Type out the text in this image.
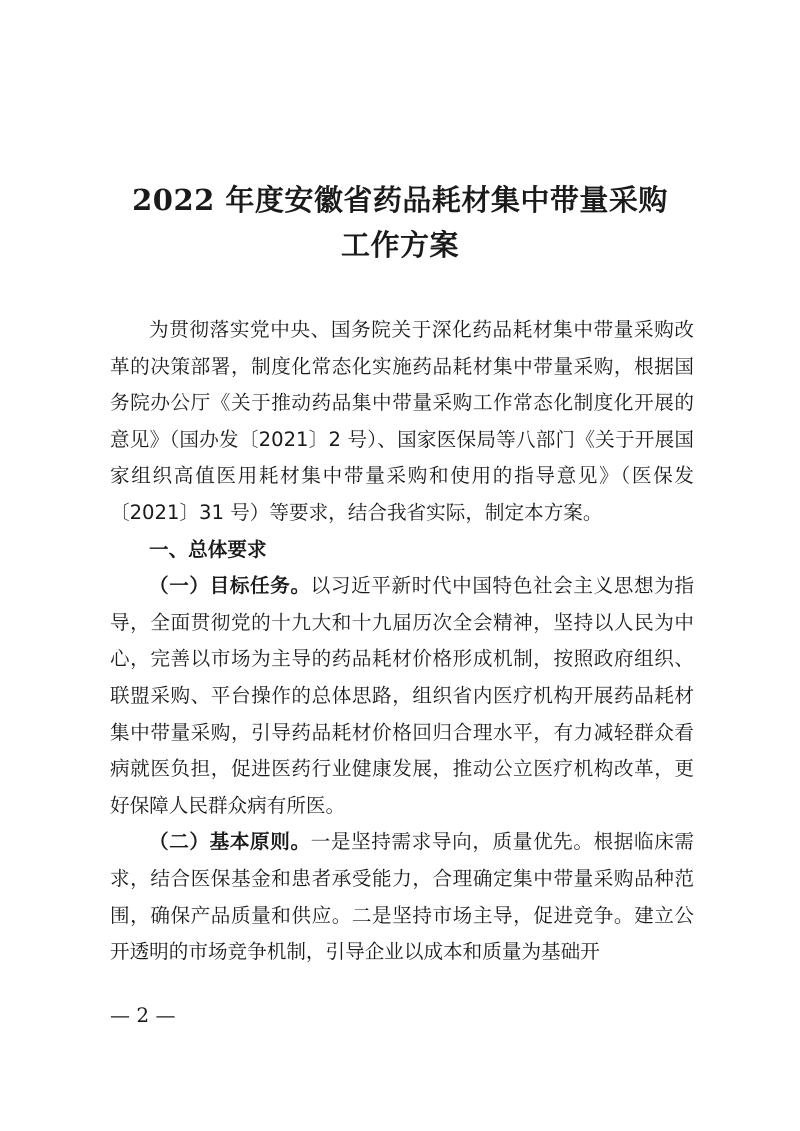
2022 年度安徽省药品耗材集中带量采购
工作方案

为贯彻落实党中央、国务院关于深化药品耗材集中带量采购改革的决策部署，制度化常态化实施药品耗材集中带量采购，根据国务院办公厅《关于推动药品集中带量采购工作常态化制度化开展的意见》（国办发〔2021〕2 号）、国家医保局等八部门《关于开展国家组织高值医用耗材集中带量采购和使用的指导意见》（医保发〔2021〕31 号）等要求，结合我省实际，制定本方案。

一、总体要求

（一）目标任务。以习近平新时代中国特色社会主义思想为指导，全面贯彻党的十九大和十九届历次全会精神，坚持以人民为中心，完善以市场为主导的药品耗材价格形成机制，按照政府组织、联盟采购、平台操作的总体思路，组织省内医疗机构开展药品耗材集中带量采购，引导药品耗材价格回归合理水平，有力减轻群众看病就医负担，促进医药行业健康发展，推动公立医疗机构改革，更好保障人民群众病有所医。

（二）基本原则。一是坚持需求导向，质量优先。根据临床需求，结合医保基金和患者承受能力，合理确定集中带量采购品种范围，确保产品质量和供应。二是坚持市场主导，促进竞争。建立公开透明的市场竞争机制，引导企业以成本和质量为基础开

— 2 —
